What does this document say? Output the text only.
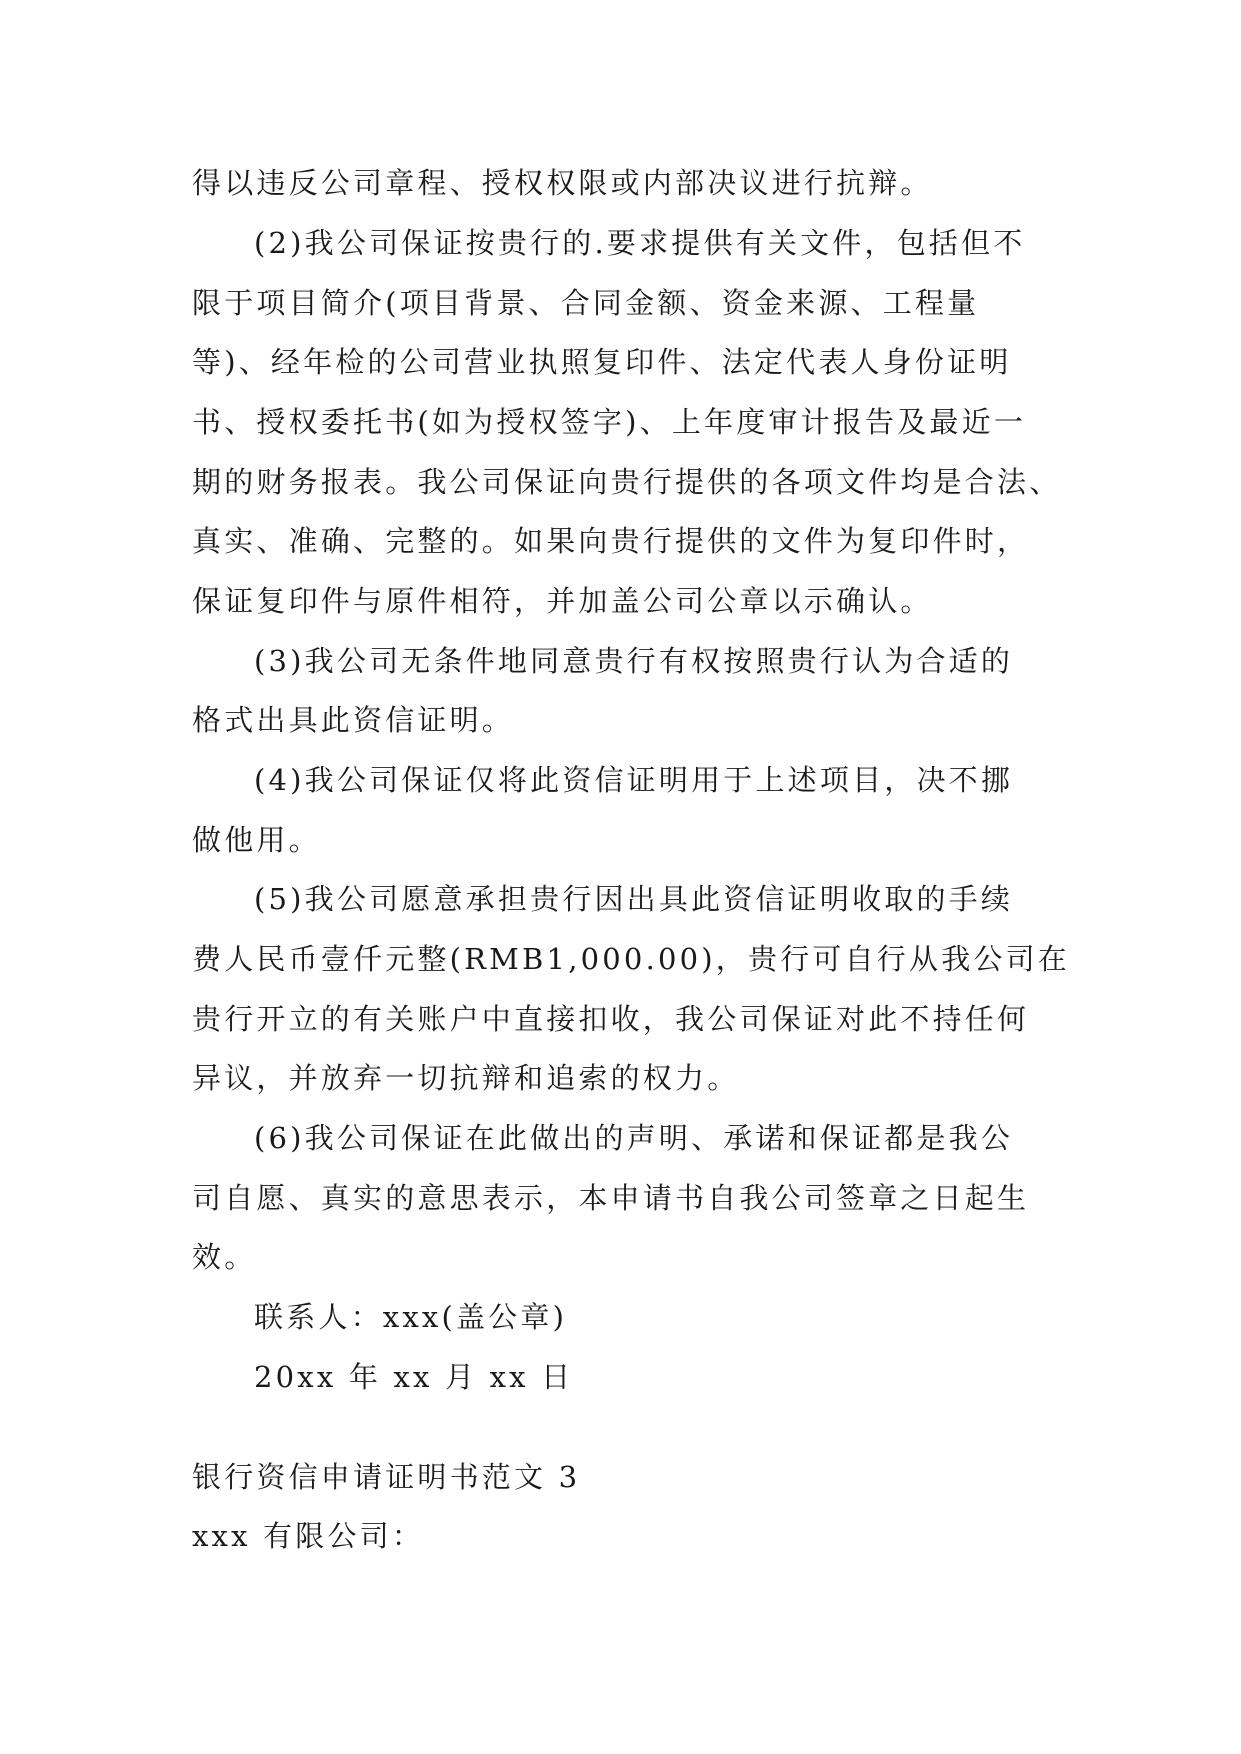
得以违反公司章程、授权权限或内部决议进行抗辩。
(2)我公司保证按贵行的.要求提供有关文件，包括但不
限于项目简介(项目背景、合同金额、资金来源、工程量
等)、经年检的公司营业执照复印件、法定代表人身份证明
书、授权委托书(如为授权签字)、上年度审计报告及最近一
期的财务报表。我公司保证向贵行提供的各项文件均是合法、
真实、准确、完整的。如果向贵行提供的文件为复印件时，
保证复印件与原件相符，并加盖公司公章以示确认。
(3)我公司无条件地同意贵行有权按照贵行认为合适的
格式出具此资信证明。
(4)我公司保证仅将此资信证明用于上述项目，决不挪
做他用。
(5)我公司愿意承担贵行因出具此资信证明收取的手续
费人民币壹仟元整(RMB1,000.00)，贵行可自行从我公司在
贵行开立的有关账户中直接扣收，我公司保证对此不持任何
异议，并放弃一切抗辩和追索的权力。
(6)我公司保证在此做出的声明、承诺和保证都是我公
司自愿、真实的意思表示，本申请书自我公司签章之日起生
效。
联系人：xxx(盖公章)
20xx 年 xx 月 xx 日
银行资信申请证明书范文 3
xxx 有限公司：
